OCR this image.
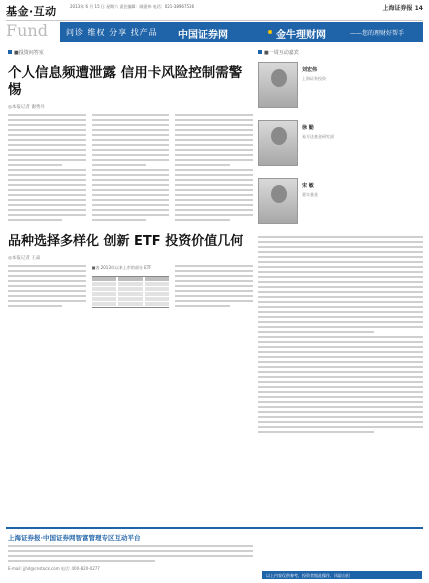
基金·互动
Fund
2013年 6 月 15 日 星期六 责任编辑：顾嘉伟 电话：021-38967536	上海证券报 14
问诊 维权 分享 找产品 中国证券网	金牛理财网	——您的理财好帮手
■投资问答室
个人信息频遭泄露 信用卡风险控制需警惕
◎本报记者 谢秀丹
品种选择多样化 创新 ETF 投资价值几何
◎本报记者 王焱
■表 2013年以来上市的部分 ETF
■一周互动嘉宾
刘宏伟
上海证券投资
徐 勤
易方达基金研究部
宋 敏
嘉实基金
上海证券报·中国证券网智富管理专区互动平台
E-mail: jjhd@cnstock.com 电话: 400-820-0277
以上内容仅供参考，投资者据此操作，风险自担
